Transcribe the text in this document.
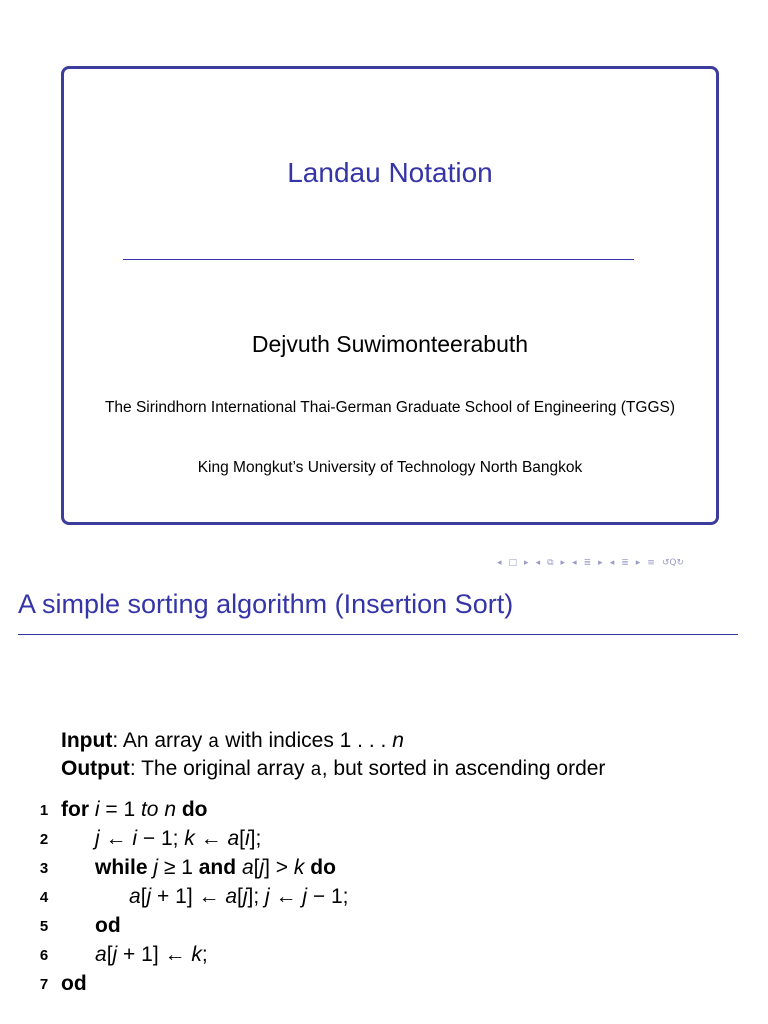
Landau Notation
Dejvuth Suwimonteerabuth
The Sirindhorn International Thai-German Graduate School of Engineering (TGGS)
King Mongkut’s University of Technology North Bangkok
◂ □ ▸ ◂ ⧉ ▸ ◂ ≣ ▸ ◂ ≣ ▸ ≡ ↺Q↻
A simple sorting algorithm (Insertion Sort)
Input: An array a with indices 1 . . . n
Output: The original array a, but sorted in ascending order
1 for i = 1 to n do
2 j ← i − 1; k ← a[i];
3 while j ≥ 1 and a[j] > k do
4	a[j + 1] ← a[j]; j ← j − 1;
5 od
6 a[j + 1] ← k;
7 od
